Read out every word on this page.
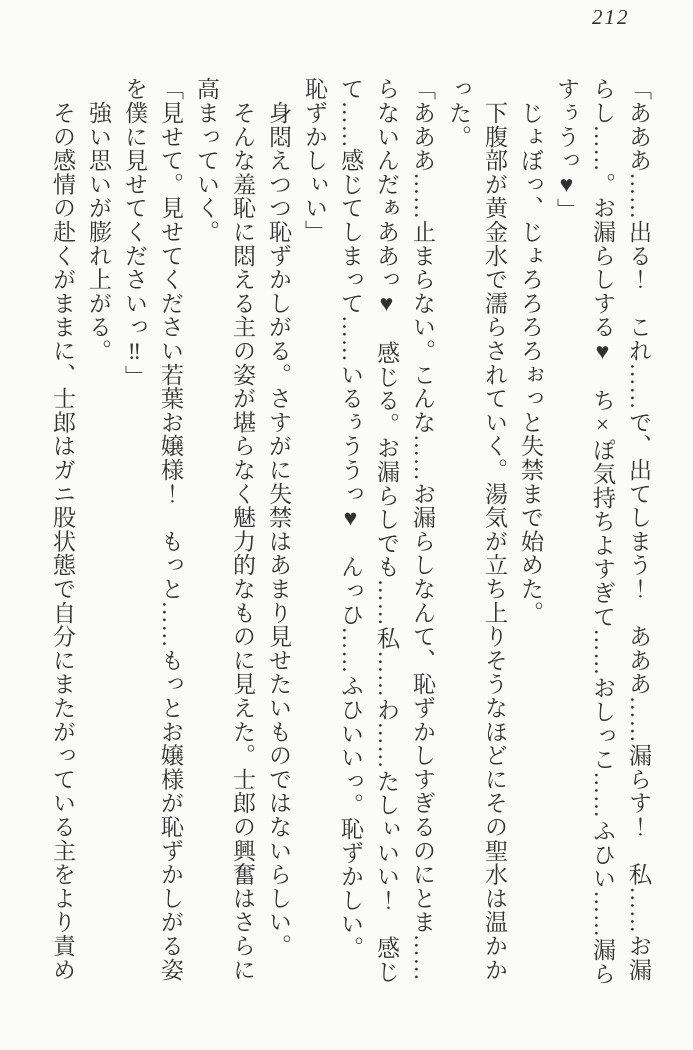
212
「あああ……出る！　これ……で、出てしまう！　あああ……漏らす！　私……お漏
らし……。お漏らしする♥　ち×ぽ気持ちよすぎて……おしっこ……ふひい……漏ら
すぅうっ♥」
　じょぼっ、じょろろろろぉっと失禁まで始めた。
　下腹部が黄金水で濡らされていく。湯気が立ち上りそうなほどにその聖水は温かか
った。
「あああ……止まらない。こんな……お漏らしなんて、恥ずかしすぎるのにとま……
らないんだぁああっ♥　感じる。お漏らしでも……私……わ……たしぃいい！　感じ
て……感じてしまって……いるぅううっ♥　んっひ……ふひいいっ。恥ずかしい。
恥ずかしぃい」
　身悶えつつ恥ずかしがる。さすがに失禁はあまり見せたいものではないらしい。
　そんな羞恥に悶える主の姿が堪らなく魅力的なものに見えた。士郎の興奮はさらに
高まっていく。
「見せて。見せてください若葉お嬢様！　もっと……もっとお嬢様が恥ずかしがる姿
を僕に見せてくださいっ‼」
　強い思いが膨れ上がる。
　その感情の赴くがままに、士郎はガニ股状態で自分にまたがっている主をより責め
